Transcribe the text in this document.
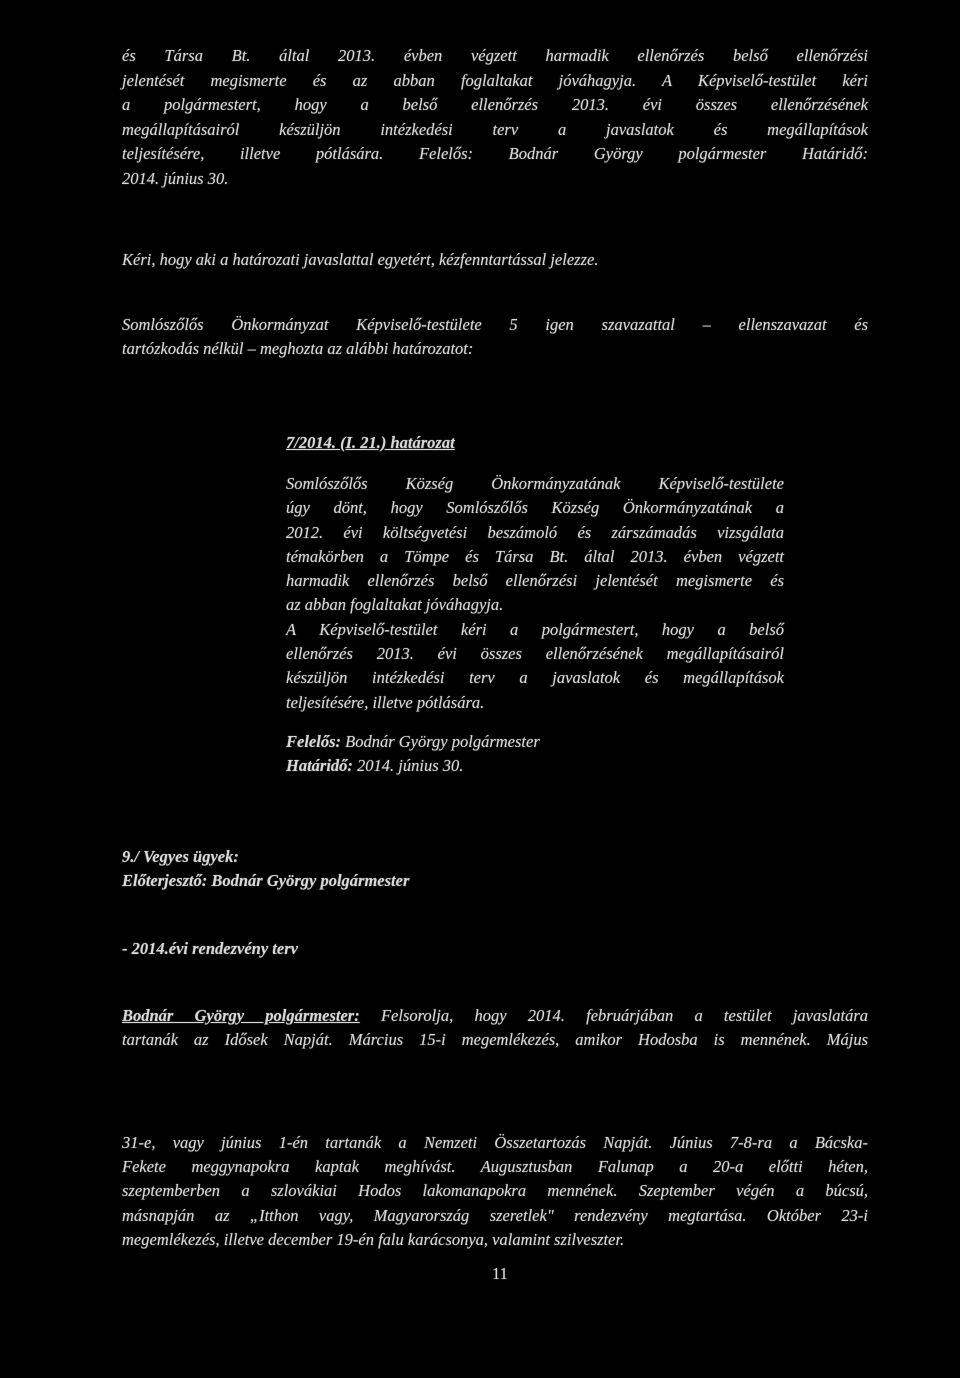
és Társa Bt. által 2013. évben végzett harmadik ellenőrzés belső ellenőrzési
jelentését megismerte és az abban foglaltakat jóváhagyja. A Képviselő-testület kéri
a polgármestert, hogy a belső ellenőrzés 2013. évi összes ellenőrzésének
megállapításairól készüljön intézkedési terv a javaslatok és megállapítások
teljesítésére, illetve pótlására. Felelős: Bodnár György polgármester Határidő:
2014. június 30.
Kéri, hogy aki a határozati javaslattal egyetért, kézfenntartással jelezze.
Somlószőlős Önkormányzat Képviselő-testülete 5 igen szavazattal – ellenszavazat és
tartózkodás nélkül – meghozta az alábbi határozatot:
7/2014. (I. 21.) határozat
Somlószőlős Község Önkormányzatának Képviselő-testülete
úgy dönt, hogy Somlószőlős Község Önkormányzatának a
2012. évi költségvetési beszámoló és zárszámadás vizsgálata
témakörben a Tömpe és Társa Bt. által 2013. évben végzett
harmadik ellenőrzés belső ellenőrzési jelentését megismerte és
az abban foglaltakat jóváhagyja.
A Képviselő-testület kéri a polgármestert, hogy a belső
ellenőrzés 2013. évi összes ellenőrzésének megállapításairól
készüljön intézkedési terv a javaslatok és megállapítások
teljesítésére, illetve pótlására.
Felelős: Bodnár György polgármester
Határidő: 2014. június 30.
9./ Vegyes ügyek:
Előterjesztő: Bodnár György polgármester
- 2014.évi rendezvény terv
Bodnár György polgármester: Felsorolja, hogy 2014. februárjában a testület javaslatára
tartanák az Idősek Napját. Március 15-i megemlékezés, amikor Hodosba is mennének. Május
31-e, vagy június 1-én tartanák a Nemzeti Összetartozás Napját. Június 7-8-ra a Bácska-
Fekete meggynapokra kaptak meghívást. Augusztusban Falunap a 20-a előtti héten,
szeptemberben a szlovákiai Hodos lakomanapokra mennének. Szeptember végén a búcsú,
másnapján az „Itthon vagy, Magyarország szeretlek" rendezvény megtartása. Október 23-i
megemlékezés, illetve december 19-én falu karácsonya, valamint szilveszter.
11
